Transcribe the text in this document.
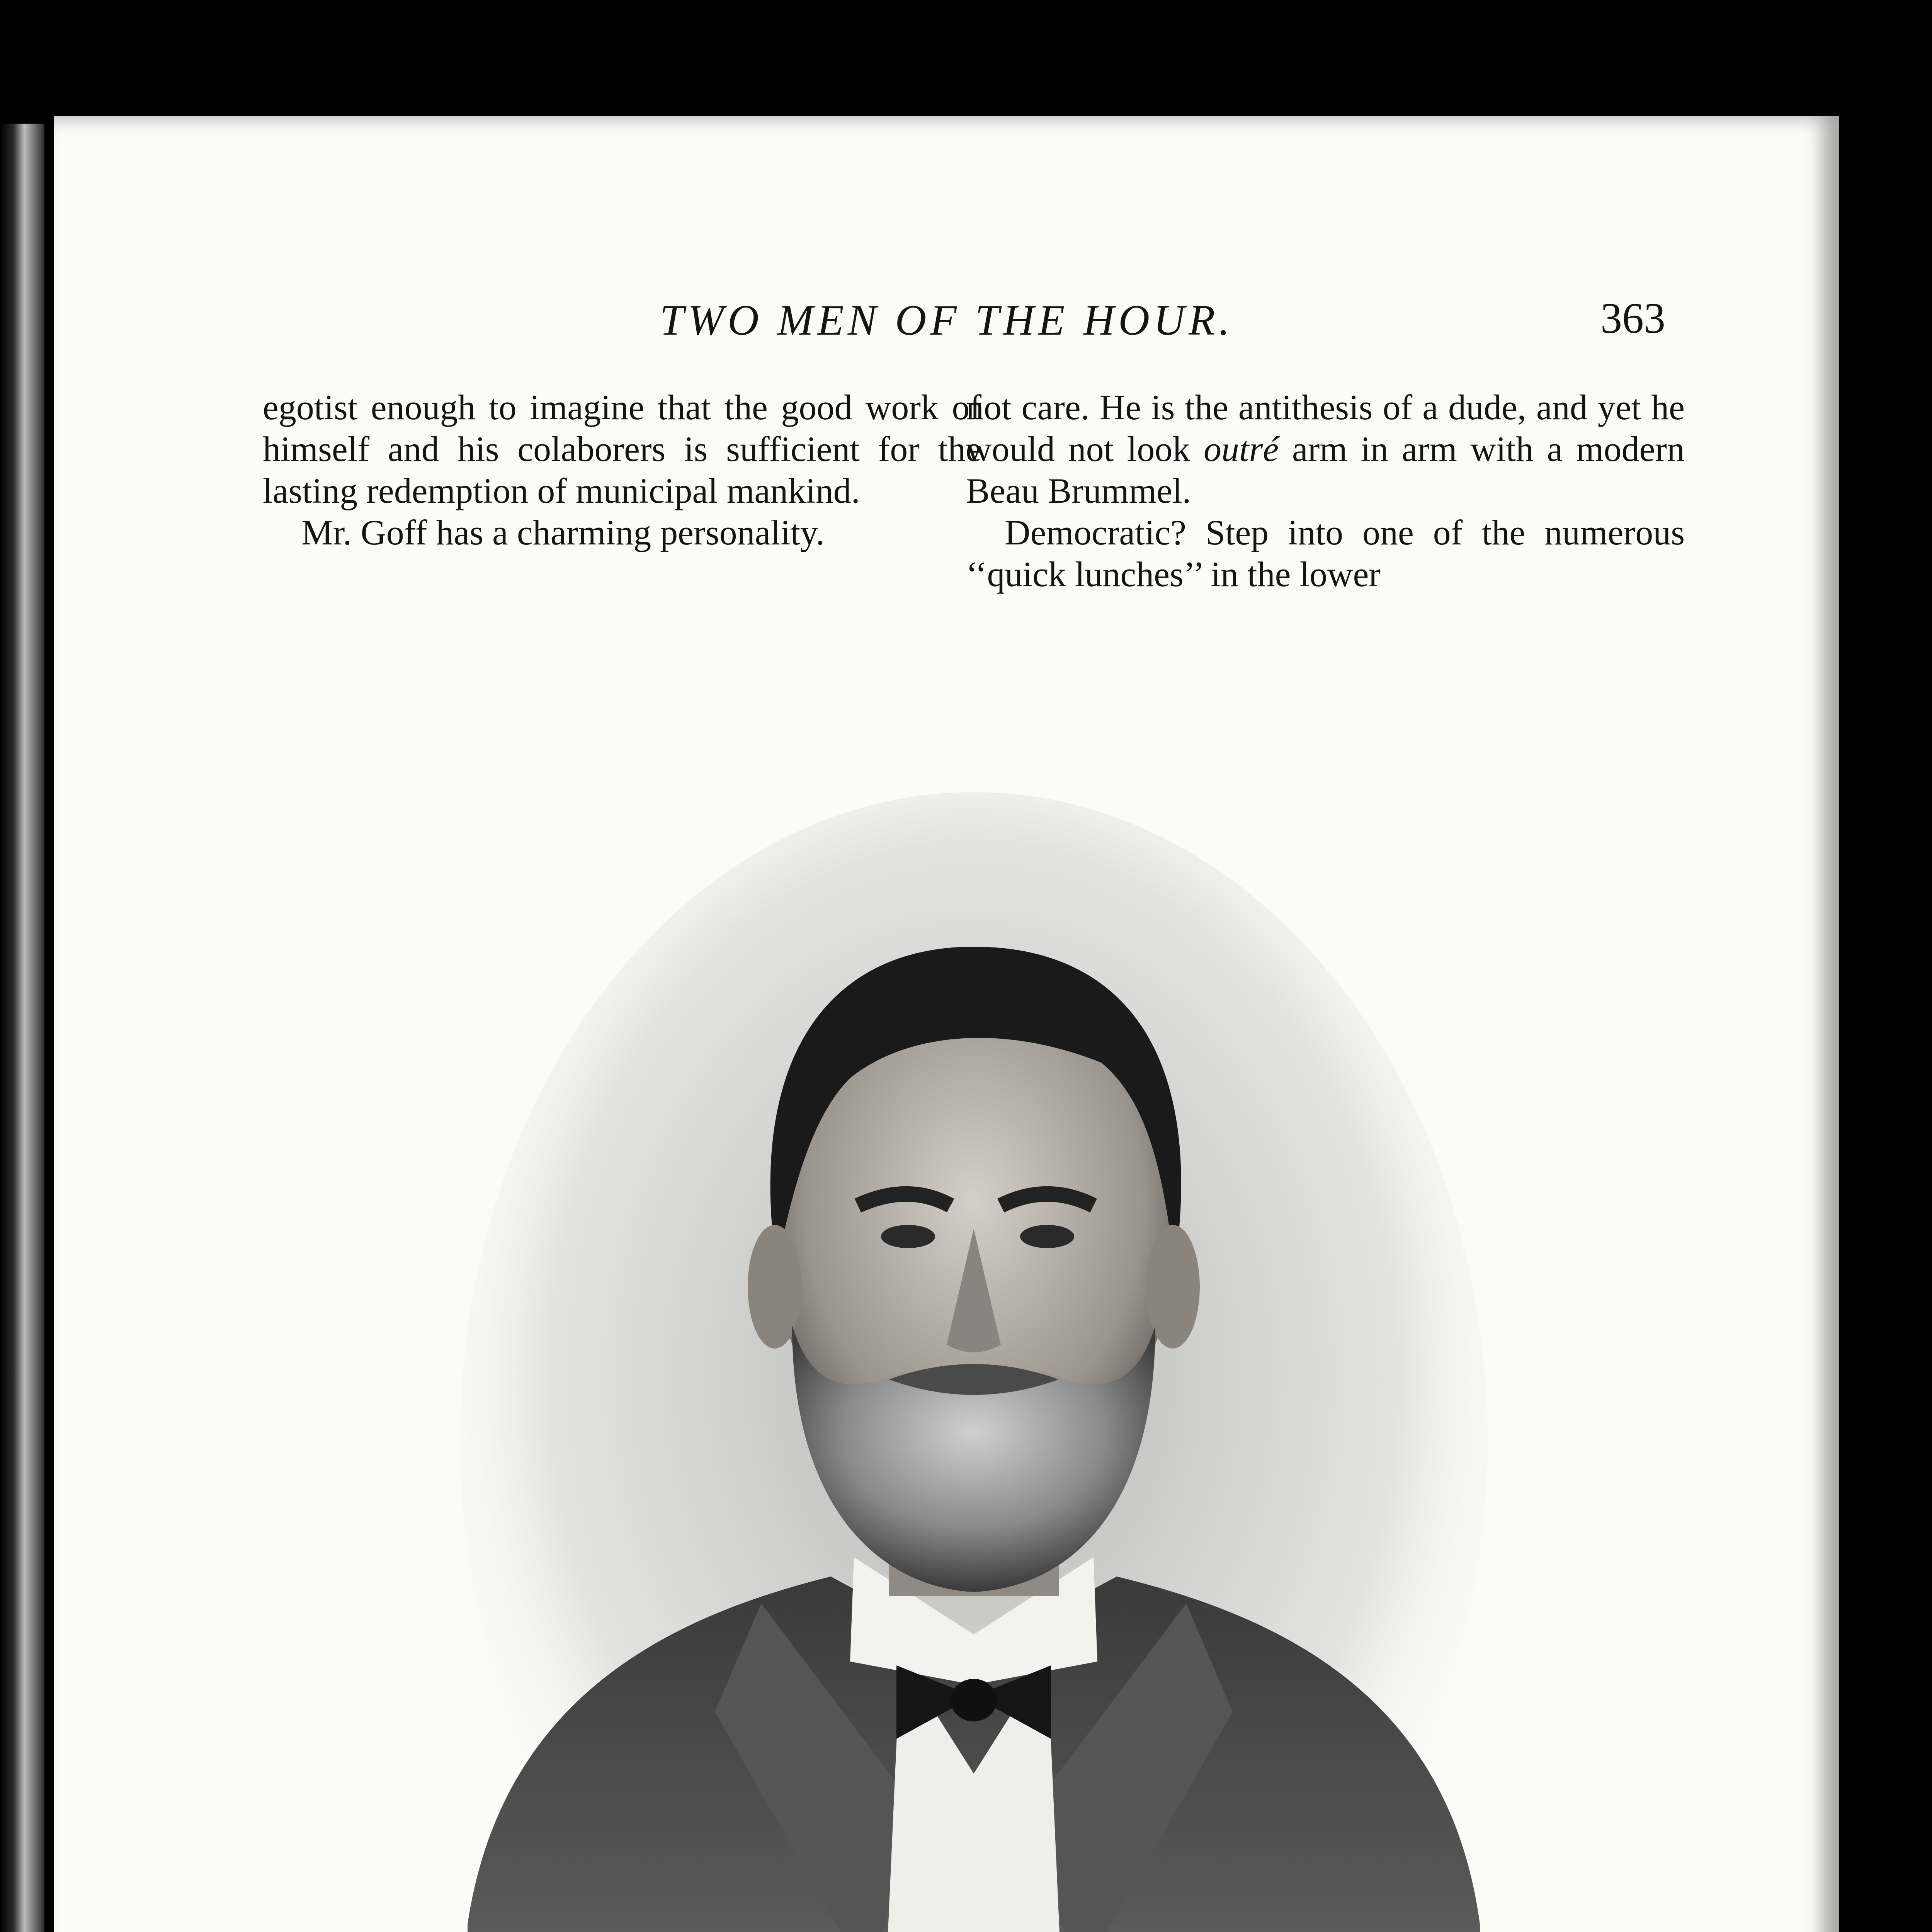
TWO MEN OF THE HOUR.	363

egotist enough to imagine that the good work of himself and his colaborers is sufficient for the lasting redemption of municipal mankind.

Mr. Goff has a charming personality.

not care. He is the antithesis of a dude, and yet he would not look outré arm in arm with a modern Beau Brummel.

Democratic? Step into one of the numerous ‘‘quick lunches’’ in the lower
